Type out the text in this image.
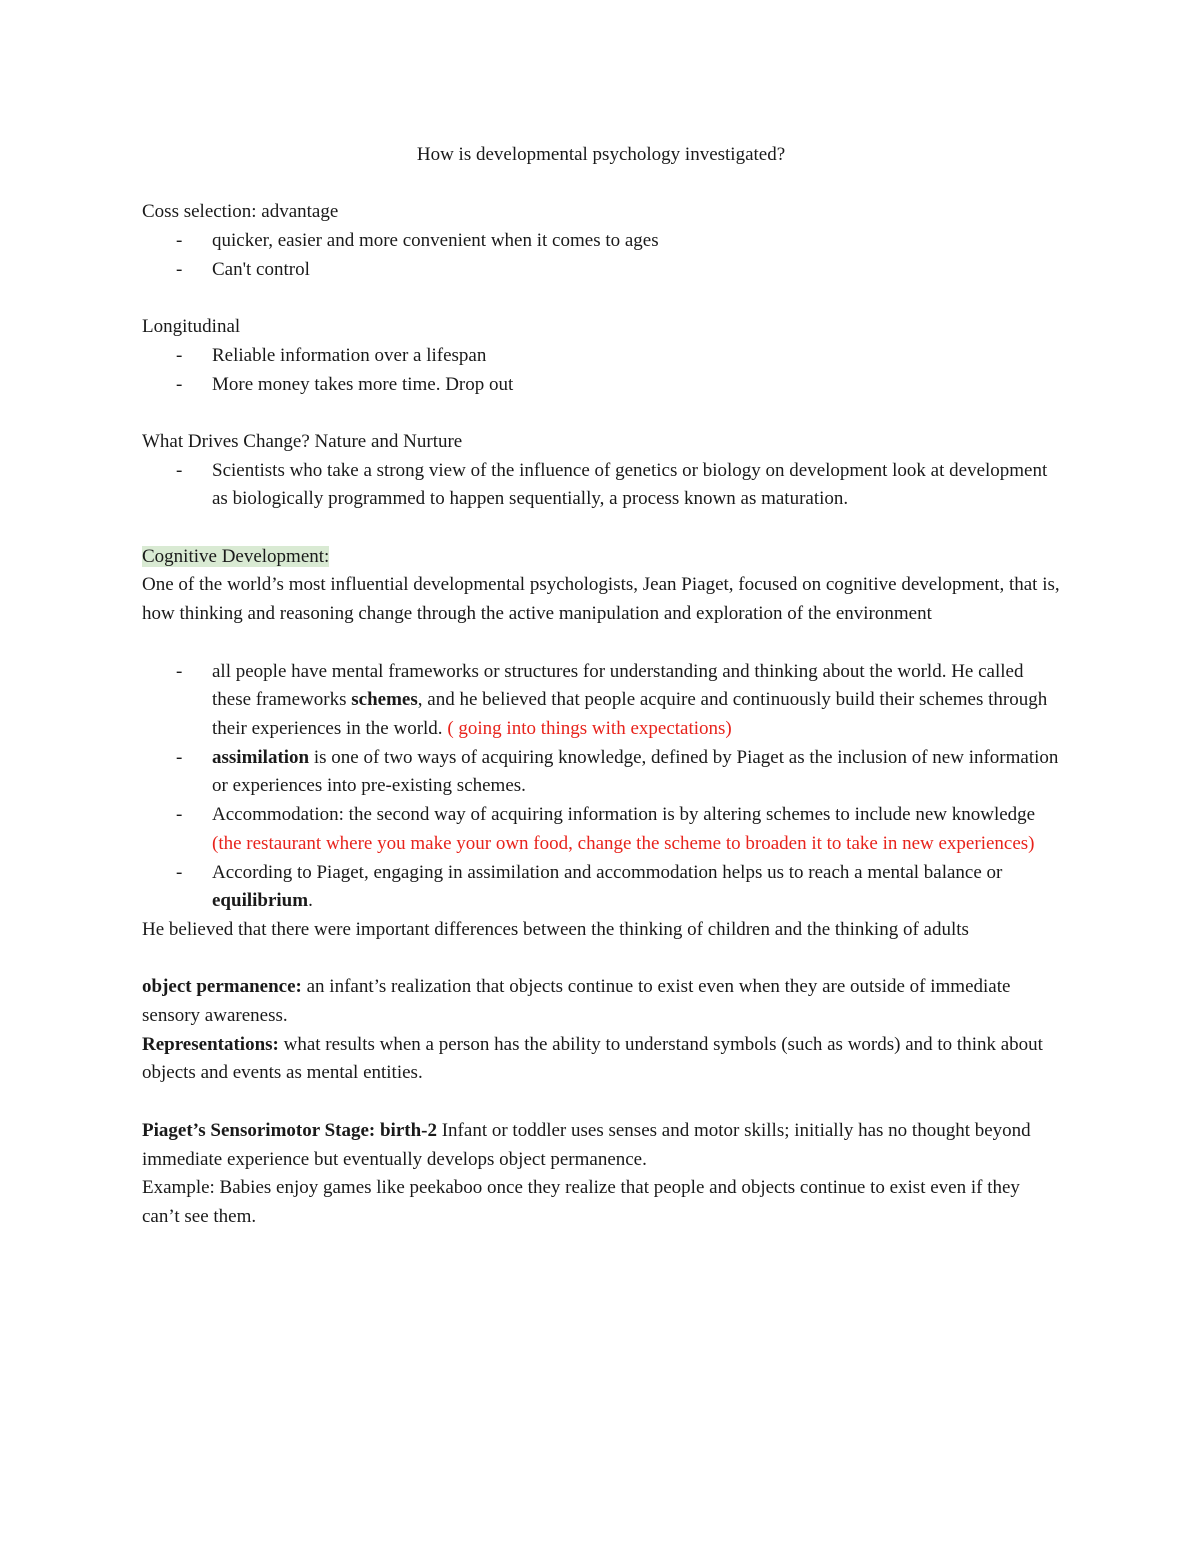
How is developmental psychology investigated?

Coss selection: advantage

- quicker, easier and more convenient when it comes to ages
- Can't control

Longitudinal

- Reliable information over a lifespan
- More money takes more time. Drop out

What Drives Change? Nature and Nurture

- Scientists who take a strong view of the influence of genetics or biology on development look at development as biologically programmed to happen sequentially, a process known as maturation.

Cognitive Development:

One of the world’s most influential developmental psychologists, Jean Piaget, focused on cognitive development, that is, how thinking and reasoning change through the active manipulation and exploration of the environment

- all people have mental frameworks or structures for understanding and thinking about the world. He called these frameworks schemes, and he believed that people acquire and continuously build their schemes through their experiences in the world. ( going into things with expectations)
- assimilation is one of two ways of acquiring knowledge, defined by Piaget as the inclusion of new information or experiences into pre-existing schemes.
- Accommodation: the second way of acquiring information is by altering schemes to include new knowledge (the restaurant where you make your own food, change the scheme to broaden it to take in new experiences)
- According to Piaget, engaging in assimilation and accommodation helps us to reach a mental balance or equilibrium.

He believed that there were important differences between the thinking of children and the thinking of adults

object permanence: an infant’s realization that objects continue to exist even when they are outside of immediate sensory awareness.

Representations: what results when a person has the ability to understand symbols (such as words) and to think about objects and events as mental entities.

Piaget’s Sensorimotor Stage: birth-2 Infant or toddler uses senses and motor skills; initially has no thought beyond immediate experience but eventually develops object permanence.

Example: Babies enjoy games like peekaboo once they realize that people and objects continue to exist even if they can’t see them.
